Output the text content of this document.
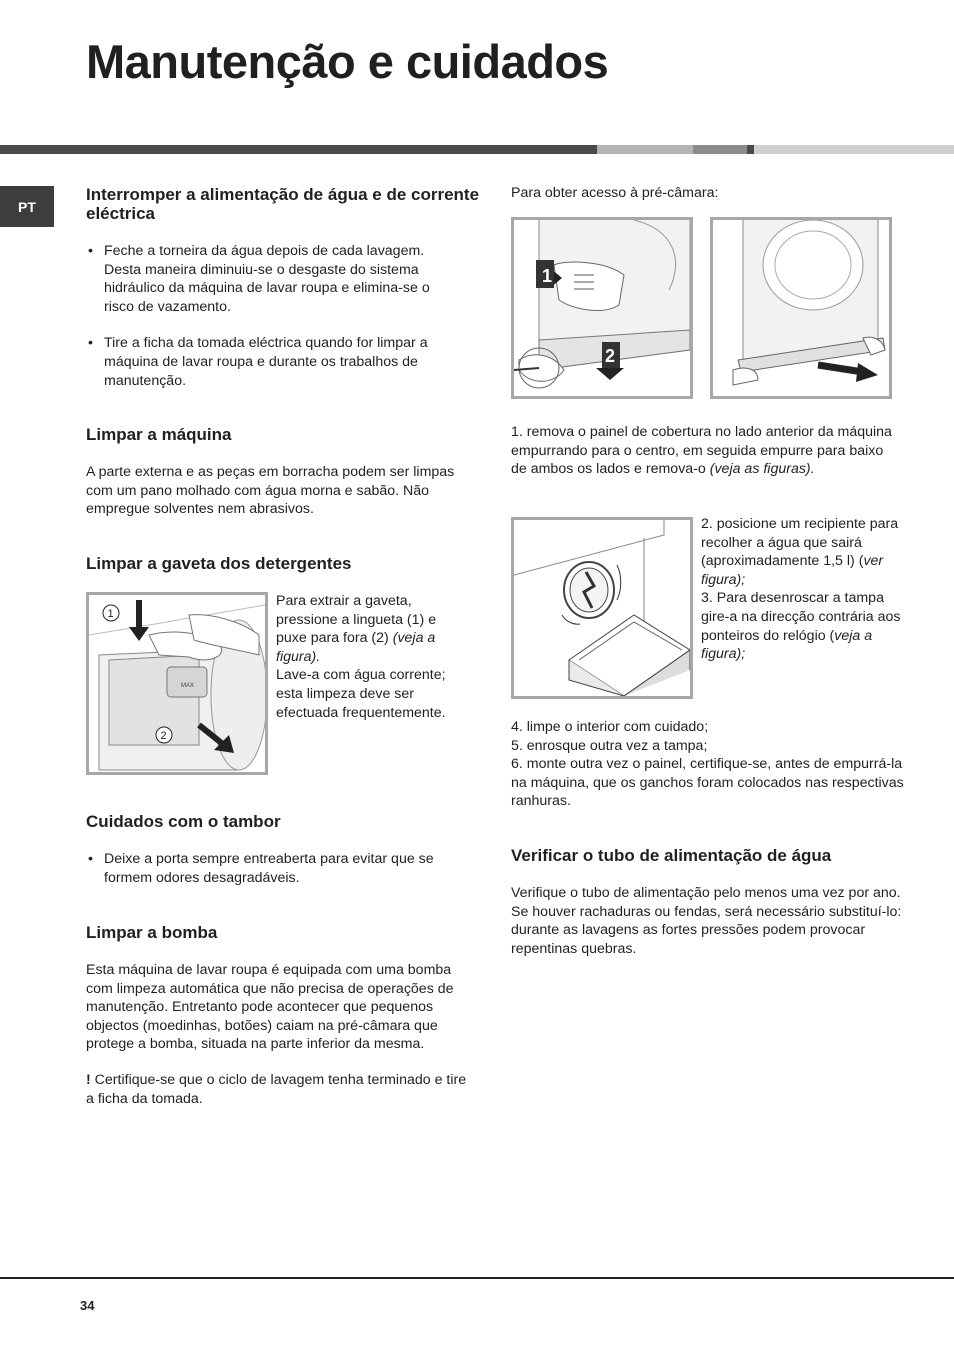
Manutenção e cuidados
PT
Interromper a alimentação de água e de corrente eléctrica
• Feche a torneira da água depois de cada lavagem. Desta maneira diminuiu-se o desgaste do sistema hidráulico da máquina de lavar roupa e elimina-se o risco de vazamento.
• Tire a ficha da tomada eléctrica quando for limpar a máquina de lavar roupa e durante os trabalhos de manutenção.
Limpar a máquina

A parte externa e as peças em borracha podem ser limpas com um pano molhado com água morna e sabão. Não empregue solventes nem abrasivos.

Limpar a gaveta dos detergentes
MAX
1
2

Para extrair a gaveta, pressione a lingueta (1) e puxe para fora (2) (veja a figura).
Lave-a com água corrente; esta limpeza deve ser efectuada frequentemente.

Cuidados com o tambor
• Deixe a porta sempre entreaberta para evitar que se formem odores desagradáveis.
Limpar a bomba

Esta máquina de lavar roupa é equipada com uma bomba com limpeza automática que não precisa de operações de manutenção. Entretanto pode acontecer que pequenos objectos (moedinhas, botões) caiam na pré-câmara que protege a bomba, situada na parte inferior da mesma.

! Certifique-se que o ciclo de lavagem tenha terminado e tire a ficha da tomada.

Para obter acesso à pré-câmara:

1
2

1. remova o painel de cobertura no lado anterior da máquina empurrando para o centro, em seguida empurre para baixo de ambos os lados e remova-o (veja as figuras).

2. posicione um recipiente para recolher a água que sairá (aproximadamente 1,5 l) (ver figura);
3. Para desenroscar a tampa gire-a na direcção contrária aos ponteiros do relógio (veja a figura);

4. limpe o interior com cuidado;
5. enrosque outra vez a tampa;
6. monte outra vez o painel, certifique-se, antes de empurrá-la na máquina, que os ganchos foram colocados nas respectivas ranhuras.
Verificar o tubo de alimentação de água

Verifique o tubo de alimentação pelo menos uma vez por ano. Se houver rachaduras ou fendas, será necessário substituí-lo: durante as lavagens as fortes pressões podem provocar repentinas quebras.

34
